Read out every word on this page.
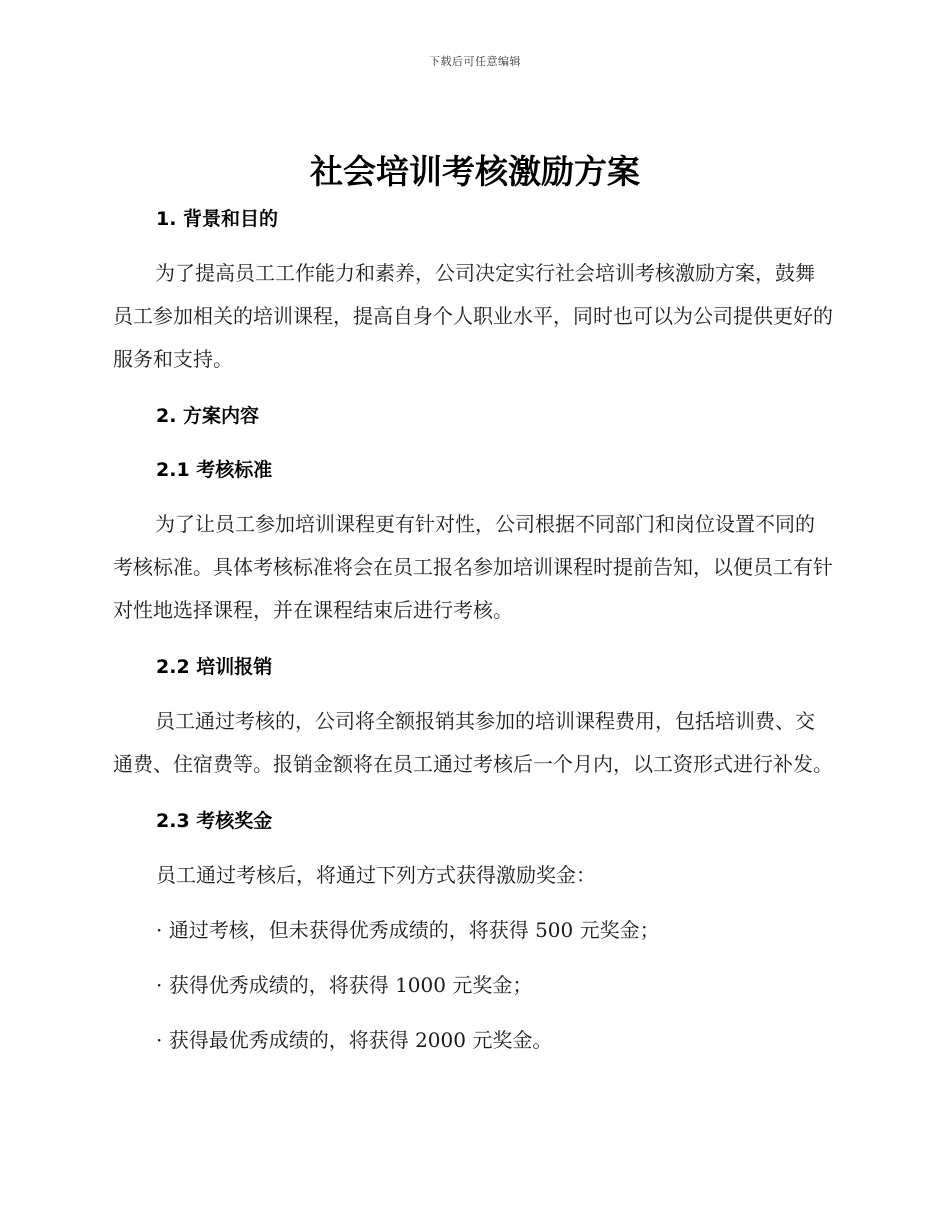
下载后可任意编辑
社会培训考核激励方案

1. 背景和目的

为了提高员工工作能力和素养，公司决定实行社会培训考核激励方案，鼓舞员工参加相关的培训课程，提高自身个人职业水平，同时也可以为公司提供更好的服务和支持。

2. 方案内容

2.1 考核标准

为了让员工参加培训课程更有针对性，公司根据不同部门和岗位设置不同的考核标准。具体考核标准将会在员工报名参加培训课程时提前告知，以便员工有针对性地选择课程，并在课程结束后进行考核。

2.2 培训报销

员工通过考核的，公司将全额报销其参加的培训课程费用，包括培训费、交通费、住宿费等。报销金额将在员工通过考核后一个月内，以工资形式进行补发。

2.3 考核奖金

员工通过考核后，将通过下列方式获得激励奖金：

· 通过考核，但未获得优秀成绩的，将获得 500 元奖金；

· 获得优秀成绩的，将获得 1000 元奖金；

· 获得最优秀成绩的，将获得 2000 元奖金。
